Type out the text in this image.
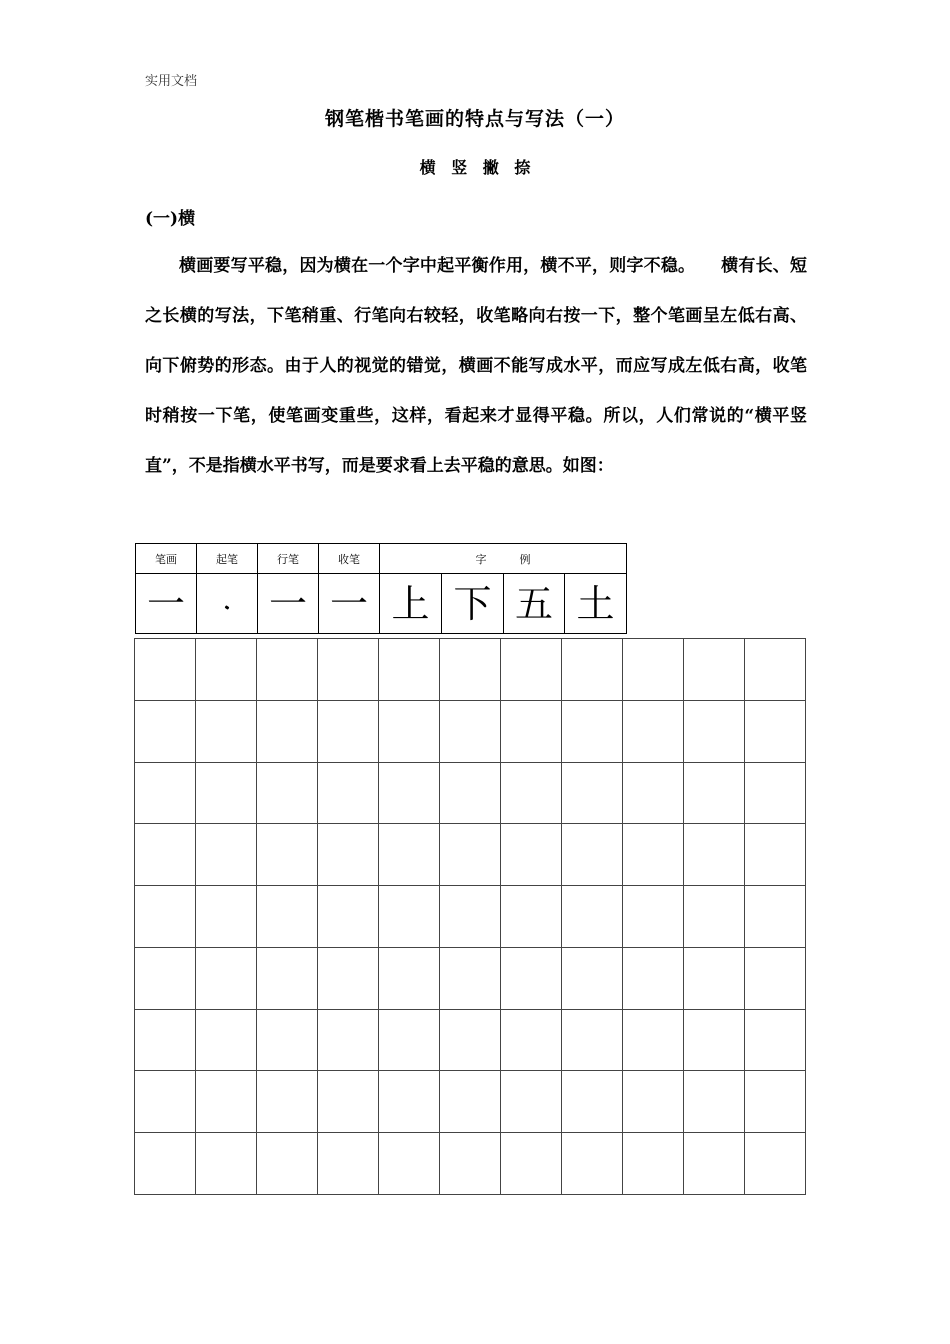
实用文档
钢笔楷书笔画的特点与写法（一）
横 竖 撇 捺
(一)横

横画要写平稳，因为横在一个字中起平衡作用，横不平，则字不稳。　　横有长、短之长横的写法，下笔稍重、行笔向右较轻，收笔略向右按一下，整个笔画呈左低右高、向下俯势的形态。由于人的视觉的错觉，横画不能写成水平，而应写成左低右高，收笔时稍按一下笔，使笔画变重些，这样，看起来才显得平稳。所以，人们常说的“横平竖直”，不是指横水平书写，而是要求看上去平稳的意思。如图：

笔画	起笔	行笔	收笔	字　　　例			
一		一	一	上	下	五	土
